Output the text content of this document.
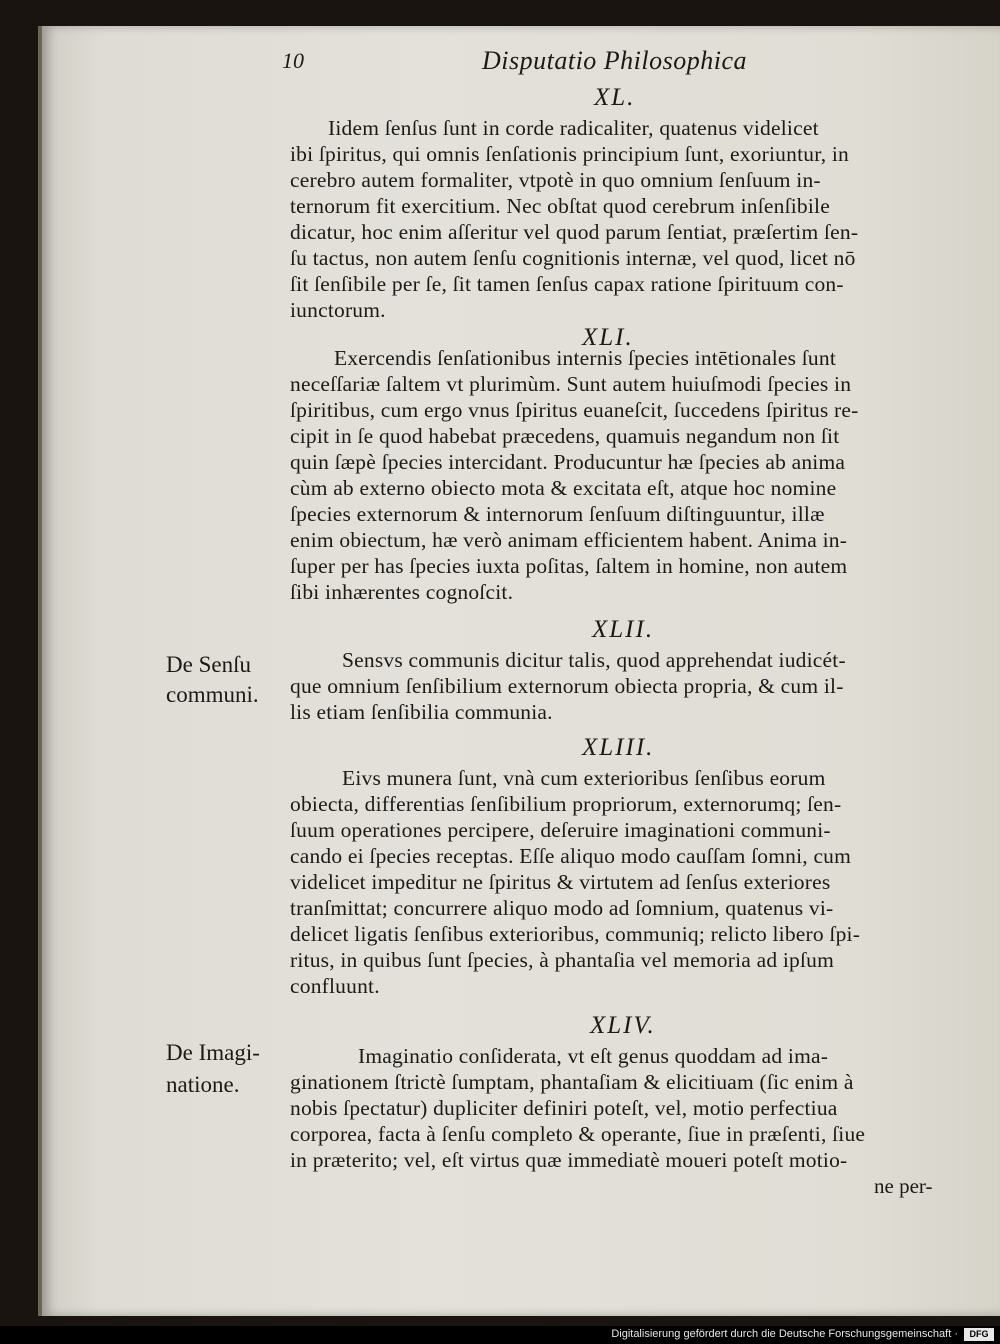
10	Disputatio Philosophica
XL.
Iidem ſenſus ſunt in corde radicaliter, quatenus videlicet
ibi ſpiritus, qui omnis ſenſationis principium ſunt, exoriuntur, in
cerebro autem formaliter, vtpotè in quo omnium ſenſuum in-
ternorum fit exercitium. Nec obſtat quod cerebrum inſenſibile
dicatur, hoc enim aſſeritur vel quod parum ſentiat, præſertim ſen-
ſu tactus, non autem ſenſu cognitionis internæ, vel quod, licet nō
ſit ſenſibile per ſe, ſit tamen ſenſus capax ratione ſpirituum con-
iunctorum.
XLI.
Exercendis ſenſationibus internis ſpecies intētionales ſunt
neceſſariæ ſaltem vt plurimùm. Sunt autem huiuſmodi ſpecies in
ſpiritibus, cum ergo vnus ſpiritus euaneſcit, ſuccedens ſpiritus re-
cipit in ſe quod habebat præcedens, quamuis negandum non ſit
quin ſæpè ſpecies intercidant. Producuntur hæ ſpecies ab anima
cùm ab externo obiecto mota & excitata eſt, atque hoc nomine
ſpecies externorum & internorum ſenſuum diſtinguuntur, illæ
enim obiectum, hæ verò animam efficientem habent. Anima in-
ſuper per has ſpecies iuxta poſitas, ſaltem in homine, non autem
ſibi inhærentes cognoſcit.
XLII.
De Senſu
communi.
Sensvs communis dicitur talis, quod apprehendat iudicét-
que omnium ſenſibilium externorum obiecta propria, & cum il-
lis etiam ſenſibilia communia.
XLIII.
Eivs munera ſunt, vnà cum exterioribus ſenſibus eorum
obiecta, differentias ſenſibilium propriorum, externorumq; ſen-
ſuum operationes percipere, deſeruire imaginationi communi-
cando ei ſpecies receptas. Eſſe aliquo modo cauſſam ſomni, cum
videlicet impeditur ne ſpiritus & virtutem ad ſenſus exteriores
tranſmittat; concurrere aliquo modo ad ſomnium, quatenus vi-
delicet ligatis ſenſibus exterioribus, communiq; relicto libero ſpi-
ritus, in quibus ſunt ſpecies, à phantaſia vel memoria ad ipſum
confluunt.
XLIV.
De Imagi-
natione.
Imaginatio conſiderata, vt eſt genus quoddam ad ima-
ginationem ſtrictè ſumptam, phantaſiam & elicitiuam (ſic enim à
nobis ſpectatur) dupliciter definiri poteſt, vel, motio perfectiua
corporea, facta à ſenſu completo & operante, ſiue in præſenti, ſiue
in præterito; vel, eſt virtus quæ immediatè moueri poteſt motio-
ne per-
Digitalisierung gefördert durch die Deutsche Forschungsgemeinschaft ·	DFG
